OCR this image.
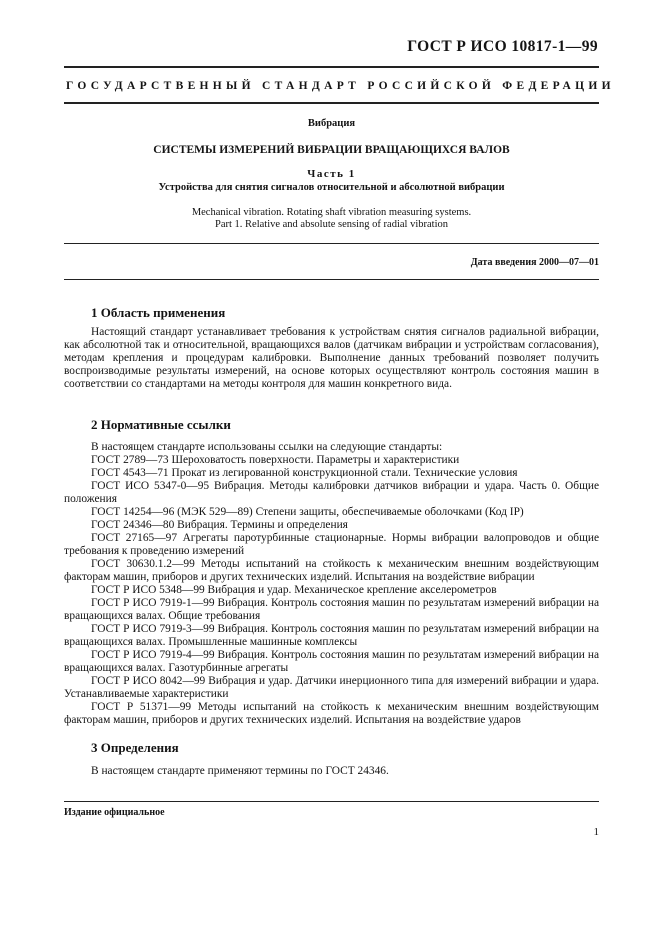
ГОСТ Р ИСО 10817-1—99
ГОСУДАРСТВЕННЫЙ СТАНДАРТ РОССИЙСКОЙ ФЕДЕРАЦИИ
Вибрация
СИСТЕМЫ ИЗМЕРЕНИЙ ВИБРАЦИИ ВРАЩАЮЩИХСЯ ВАЛОВ
Часть 1
Устройства для снятия сигналов относительной и абсолютной вибрации
Mechanical vibration. Rotating shaft vibration measuring systems.
Part 1. Relative and absolute sensing of radial vibration
Дата введения 2000—07—01
1 Область применения

Настоящий стандарт устанавливает требования к устройствам снятия сигналов радиальной вибрации, как абсолютной так и относительной, вращающихся валов (датчикам вибрации и устройствам согласования), методам крепления и процедурам калибровки. Выполнение данных требований позволяет получить воспроизводимые результаты измерений, на основе которых осуществляют контроль состояния машин в соответствии со стандартами на методы контроля для машин конкретного вида.

2 Нормативные ссылки

В настоящем стандарте использованы ссылки на следующие стандарты:

ГОСТ 2789—73 Шероховатость поверхности. Параметры и характеристики

ГОСТ 4543—71 Прокат из легированной конструкционной стали. Технические условия

ГОСТ ИСО 5347-0—95 Вибрация. Методы калибровки датчиков вибрации и удара. Часть 0. Общие положения

ГОСТ 14254—96 (МЭК 529—89) Степени защиты, обеспечиваемые оболочками (Код IP)

ГОСТ 24346—80 Вибрация. Термины и определения

ГОСТ 27165—97 Агрегаты паротурбинные стационарные. Нормы вибрации валопроводов и общие требования к проведению измерений

ГОСТ 30630.1.2—99 Методы испытаний на стойкость к механическим внешним воздействующим факторам машин, приборов и других технических изделий. Испытания на воздействие вибрации

ГОСТ Р ИСО 5348—99 Вибрация и удар. Механическое крепление акселерометров

ГОСТ Р ИСО 7919-1—99 Вибрация. Контроль состояния машин по результатам измерений вибрации на вращающихся валах. Общие требования

ГОСТ Р ИСО 7919-3—99 Вибрация. Контроль состояния машин по результатам измерений вибрации на вращающихся валах. Промышленные машинные комплексы

ГОСТ Р ИСО 7919-4—99 Вибрация. Контроль состояния машин по результатам измерений вибрации на вращающихся валах. Газотурбинные агрегаты

ГОСТ Р ИСО 8042—99 Вибрация и удар. Датчики инерционного типа для измерений вибрации и удара. Устанавливаемые характеристики

ГОСТ Р 51371—99 Методы испытаний на стойкость к механическим внешним воздействующим факторам машин, приборов и других технических изделий. Испытания на воздействие ударов

3 Определения

В настоящем стандарте применяют термины по ГОСТ 24346.

Издание официальное
1
